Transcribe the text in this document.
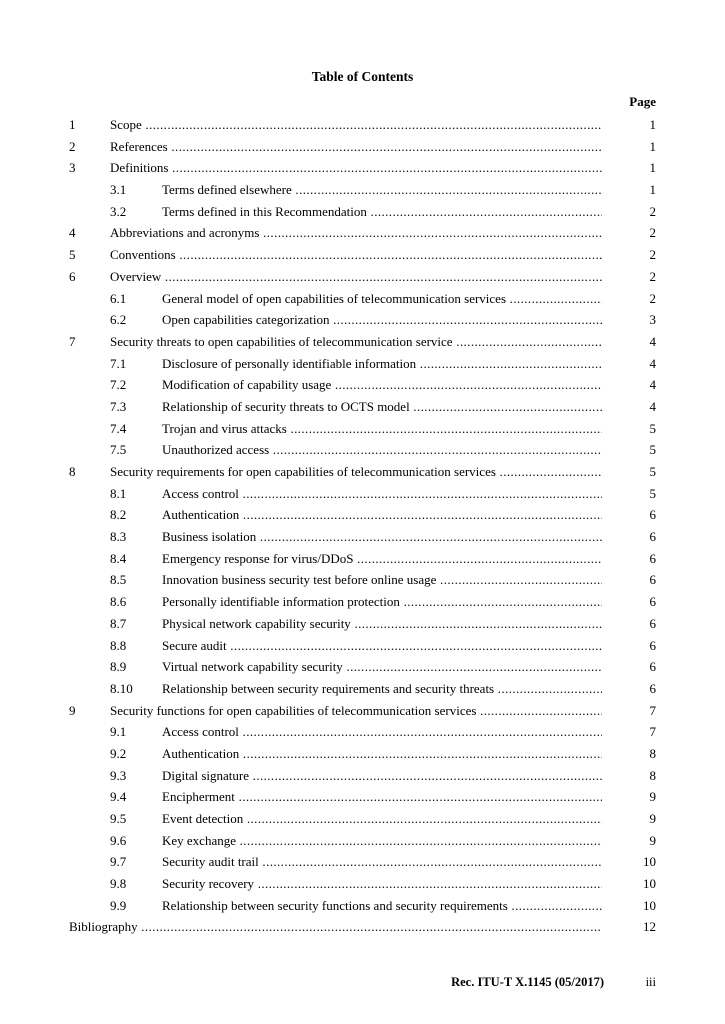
Table of Contents
Page
1	Scope .....	1
2	References .....	1
3	Definitions .....	1
3.1	Terms defined elsewhere .....	1
3.2	Terms defined in this Recommendation .....	2
4	Abbreviations and acronyms .....	2
5	Conventions .....	2
6	Overview .....	2
6.1	General model of open capabilities of telecommunication services .....	2
6.2	Open capabilities categorization .....	3
7	Security threats to open capabilities of telecommunication service .....	4
7.1	Disclosure of personally identifiable information .....	4
7.2	Modification of capability usage .....	4
7.3	Relationship of security threats to OCTS model .....	4
7.4	Trojan and virus attacks .....	5
7.5	Unauthorized access .....	5
8	Security requirements for open capabilities of telecommunication services .....	5
8.1	Access control .....	5
8.2	Authentication .....	6
8.3	Business isolation .....	6
8.4	Emergency response for virus/DDoS .....	6
8.5	Innovation business security test before online usage .....	6
8.6	Personally identifiable information protection .....	6
8.7	Physical network capability security .....	6
8.8	Secure audit .....	6
8.9	Virtual network capability security .....	6
8.10 Relationship between security requirements and security threats .....	6
9	Security functions for open capabilities of telecommunication services .....	7
9.1	Access control .....	7
9.2	Authentication .....	8
9.3	Digital signature .....	8
9.4	Encipherment .....	9
9.5	Event detection .....	9
9.6	Key exchange .....	9
9.7	Security audit trail .....	10
9.8	Security recovery .....	10
9.9	Relationship between security functions and security requirements .....	10
Bibliography .....	12
Rec. ITU-T X.1145 (05/2017)	iii
